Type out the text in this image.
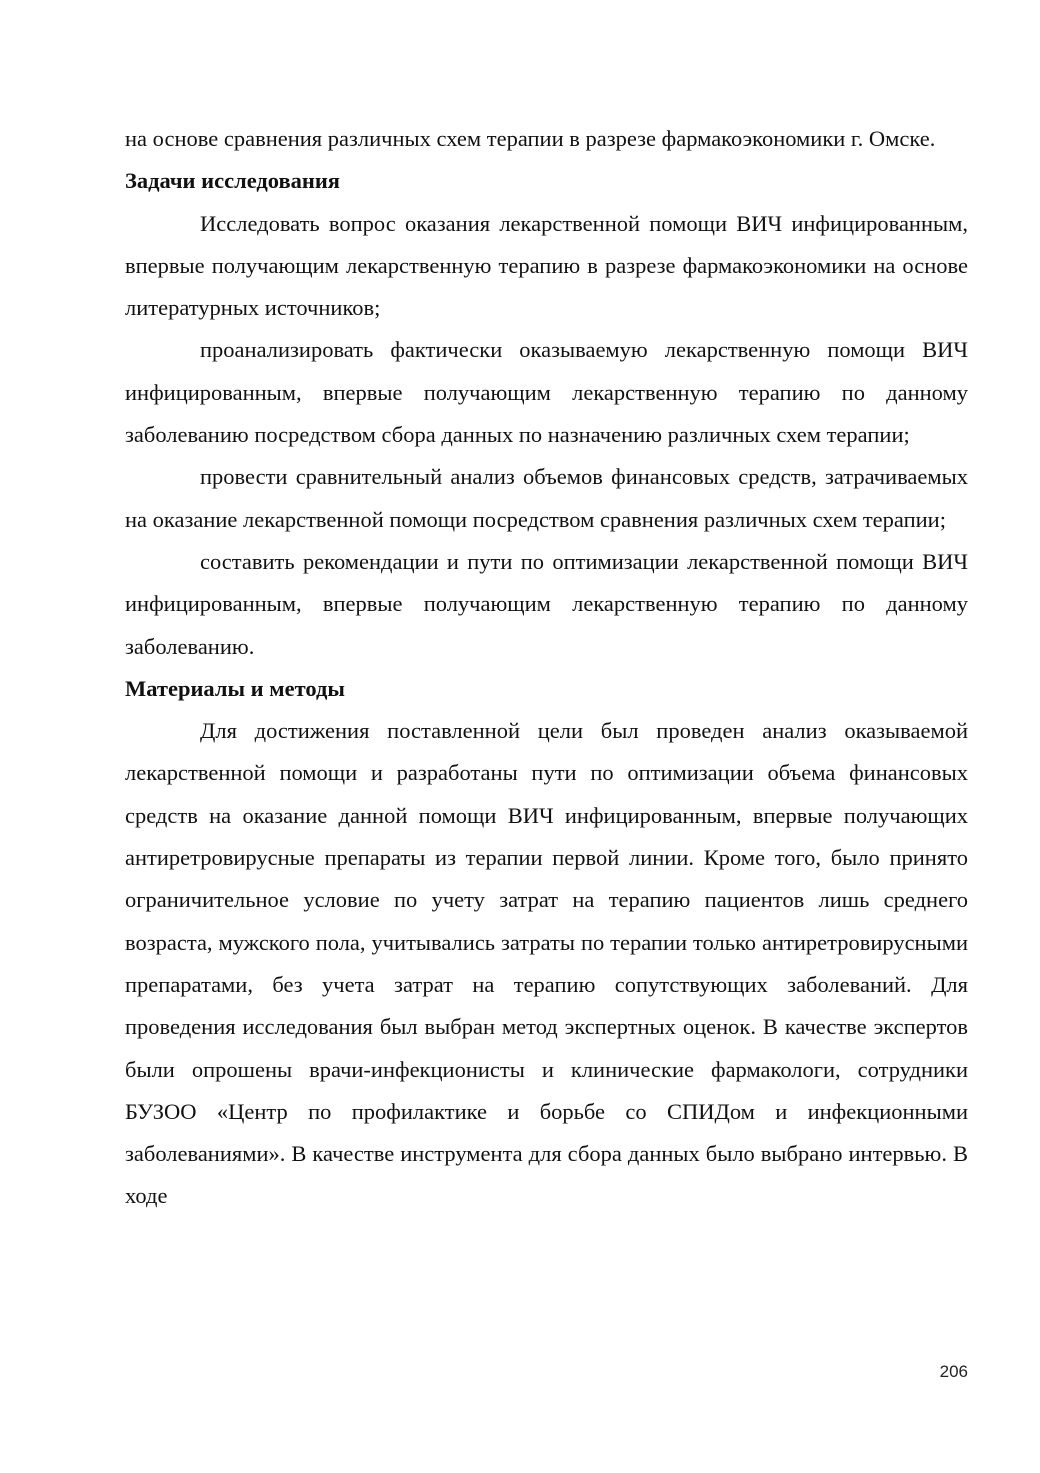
на основе сравнения различных схем терапии в разрезе фармакоэкономики г. Омске.

Задачи исследования

Исследовать вопрос оказания лекарственной помощи ВИЧ инфицированным, впервые получающим лекарственную терапию в разрезе фармакоэкономики на основе литературных источников;

проанализировать фактически оказываемую лекарственную помощи ВИЧ инфицированным, впервые получающим лекарственную терапию по данному заболеванию посредством сбора данных по назначению различных схем терапии;

провести сравнительный анализ объемов финансовых средств, затрачиваемых на оказание лекарственной помощи посредством сравнения различных схем терапии;

составить рекомендации и пути по оптимизации лекарственной помощи ВИЧ инфицированным, впервые получающим лекарственную терапию по данному заболеванию.

Материалы и методы

Для достижения поставленной цели был проведен анализ оказываемой лекарственной помощи и разработаны пути по оптимизации объема финансовых средств на оказание данной помощи ВИЧ инфицированным, впервые получающих антиретровирусные препараты из терапии первой линии. Кроме того, было принято ограничительное условие по учету затрат на терапию пациентов лишь среднего возраста, мужского пола, учитывались затраты по терапии только антиретровирусными препаратами, без учета затрат на терапию сопутствующих заболеваний. Для проведения исследования был выбран метод экспертных оценок. В качестве экспертов были опрошены врачи-инфекционисты и клинические фармакологи, сотрудники БУЗОО «Центр по профилактике и борьбе со СПИДом и инфекционными заболеваниями». В качестве инструмента для сбора данных было выбрано интервью. В ходе

206
